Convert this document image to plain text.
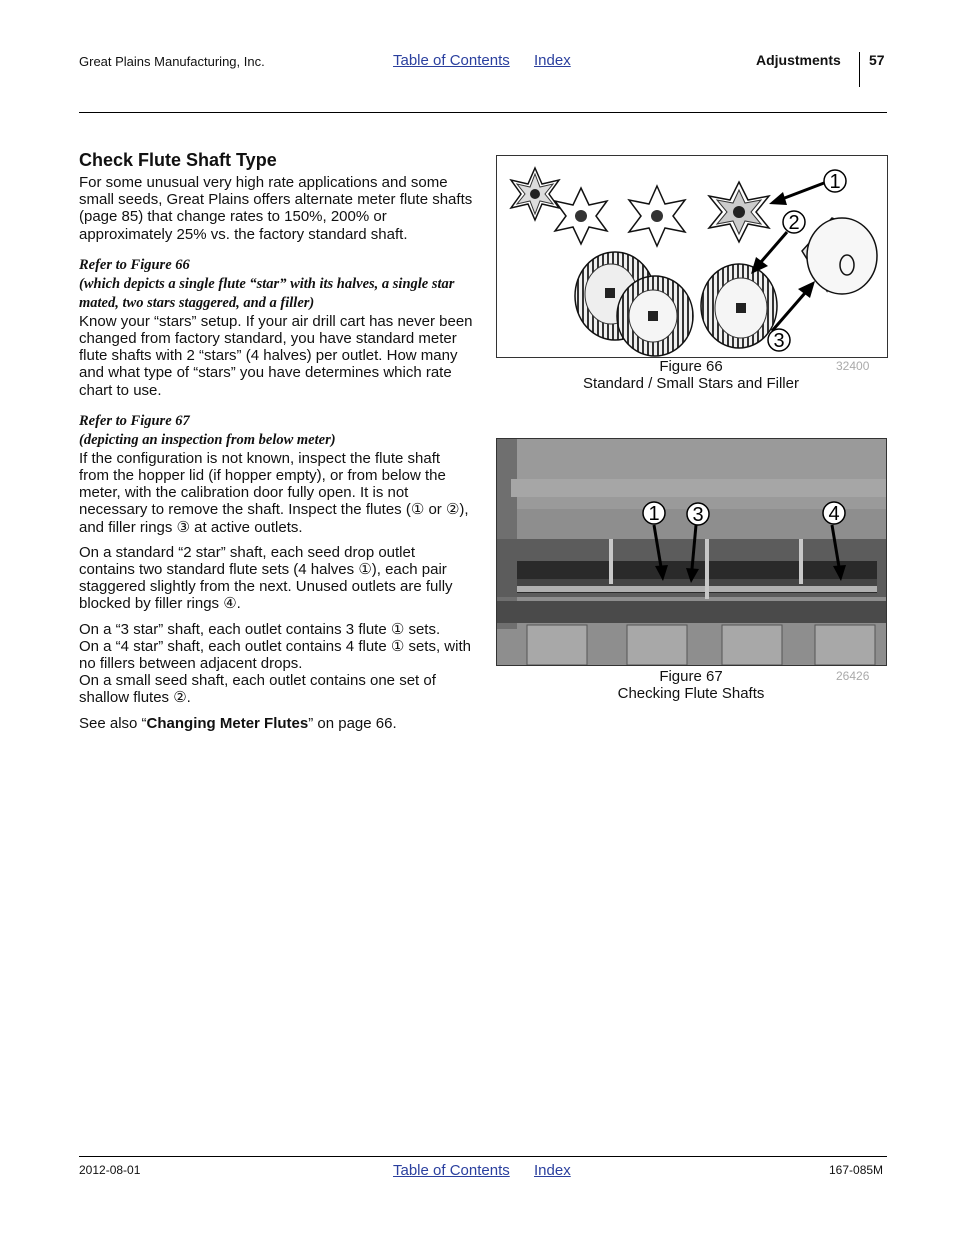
Great Plains Manufacturing, Inc.	Table of Contents Index	Adjustments 57
Check Flute Shaft Type

For some unusual very high rate applications and some small seeds, Great Plains offers alternate meter flute shafts (page 85) that change rates to 150%, 200% or approximately 25% vs. the factory standard shaft.

Refer to Figure 66
(which depicts a single flute “star” with its halves, a single star mated, two stars staggered, and a filler)

Know your “stars” setup. If your air drill cart has never been changed from factory standard, you have standard meter flute shafts with 2 “stars” (4 halves) per outlet. How many and what type of “stars” you have determines which rate chart to use.

Refer to Figure 67
(depicting an inspection from below meter)

If the configuration is not known, inspect the flute shaft from the hopper lid (if hopper empty), or from below the meter, with the calibration door fully open. It is not necessary to remove the shaft. Inspect the flutes (① or ②), and filler rings ③ at active outlets.

On a standard “2 star” shaft, each seed drop outlet contains two standard flute sets (4 halves ①), each pair staggered slightly from the next. Unused outlets are fully blocked by filler rings ④.

On a “3 star” shaft, each outlet contains 3 flute ① sets.

On a “4 star” shaft, each outlet contains 4 flute ① sets, with no fillers between adjacent drops.

On a small seed shaft, each outlet contains one set of shallow flutes ②.

See also “Changing Meter Flutes” on page 66.

1
2
3
Figure 66
Standard / Small Stars and Filler
32400
1 3	4
Figure 67
Checking Flute Shafts
26426
2012-08-01	Table of Contents Index	167-085M
